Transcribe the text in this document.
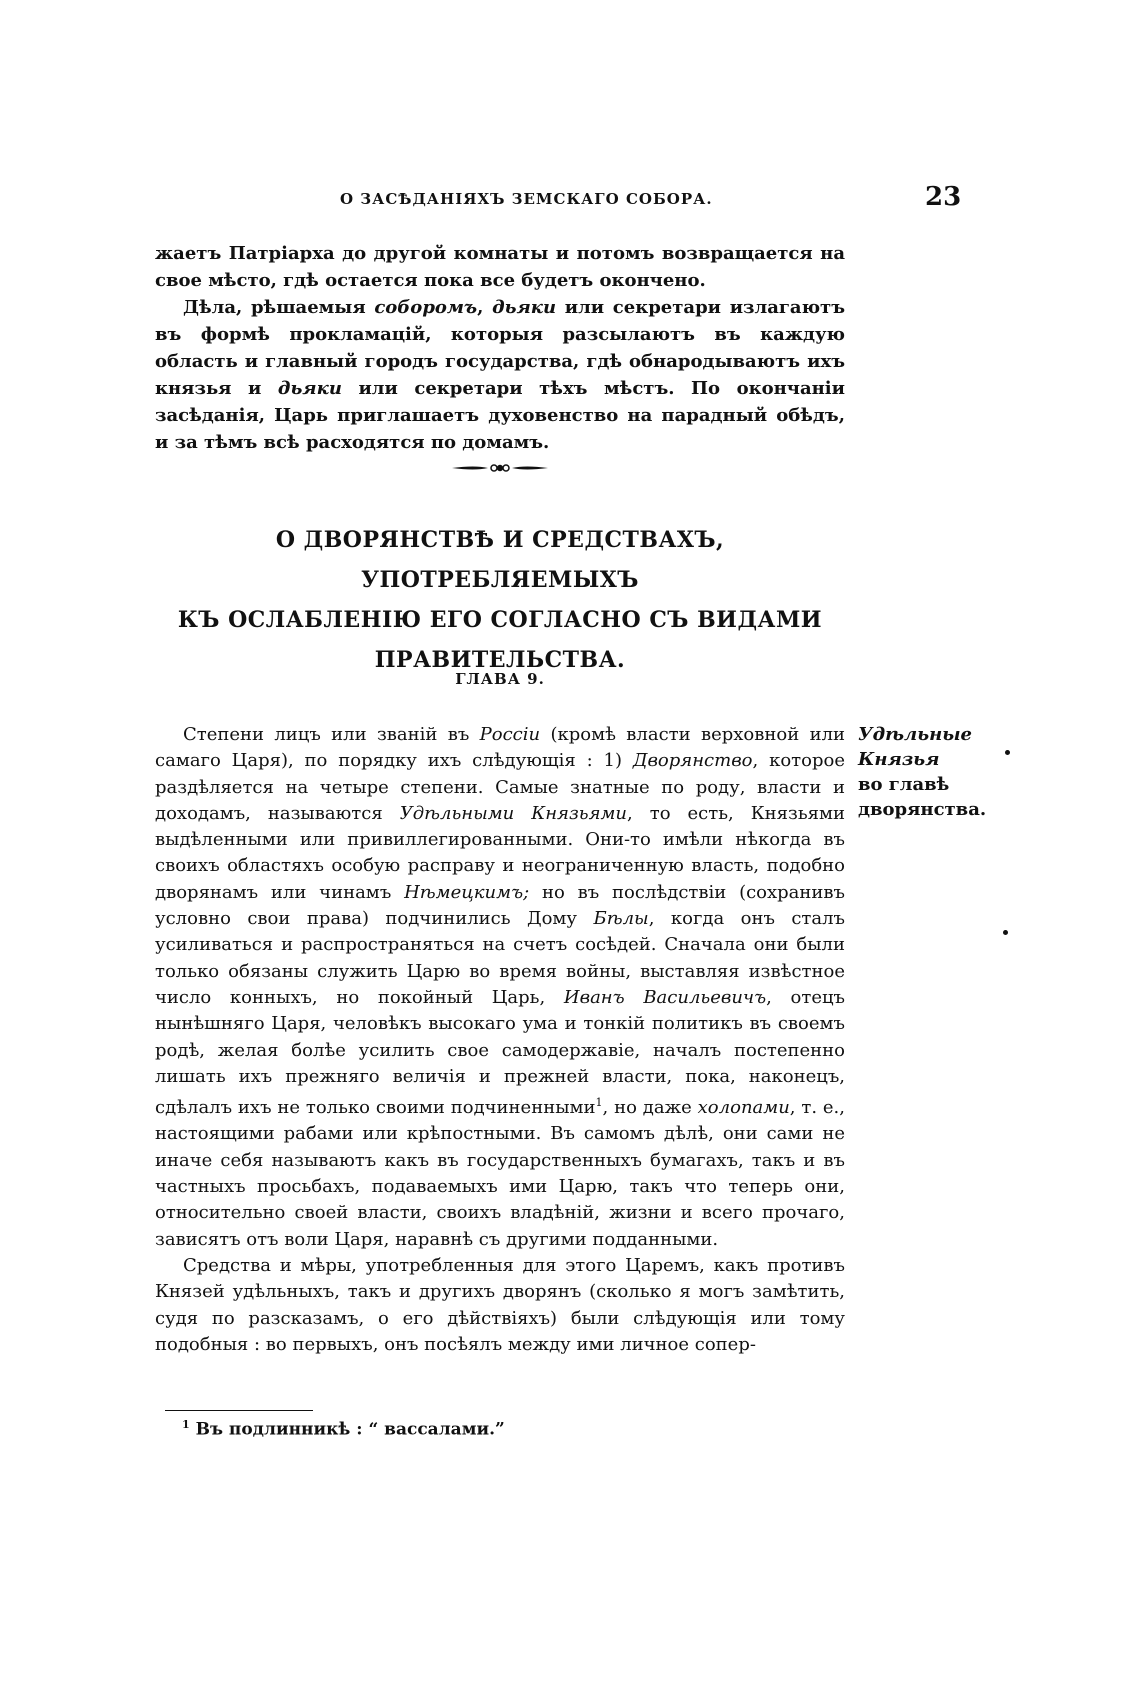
О ЗАСѢДАНІЯХЪ ЗЕМСКАГО СОБОРА.	23

жаетъ Патріарха до другой комнаты и потомъ возвращается на свое мѣсто, гдѣ остается пока все будетъ окончено.

Дѣла, рѣшаемыя соборомъ, дьяки или секретари излагаютъ въ формѣ прокламацій, которыя разсылаютъ въ каждую область и главный городъ государства, гдѣ обнародываютъ ихъ князья и дьяки или секретари тѣхъ мѣстъ. По окончаніи засѣданія, Царь приглашаетъ духовенство на парадный обѣдъ, и за тѣмъ всѣ расходятся по домамъ.

О ДВОРЯНСТВѢ И СРЕДСТВАХЪ, УПОТРЕБЛЯЕМЫХЪ
КЪ ОСЛАБЛЕНІЮ ЕГО СОГЛАСНО СЪ ВИДАМИ
ПРАВИТЕЛЬСТВА.
ГЛАВА 9.
Удѣльные Князья во главѣ дворянства.

Степени лицъ или званій въ Россіи (кромѣ власти верховной или самаго Царя), по порядку ихъ слѣдующія : 1) Дворянство, которое раздѣляется на четыре степени. Самые знатные по роду, власти и доходамъ, называются Удѣльными Князьями, то есть, Князьями выдѣленными или привиллегированными. Они-то имѣли нѣкогда въ своихъ областяхъ особую расправу и неограниченную власть, подобно дворянамъ или чинамъ Нѣмецкимъ; но въ послѣдствіи (сохранивъ условно свои права) подчинились Дому Бѣлы, когда онъ сталъ усиливаться и распространяться на счетъ сосѣдей. Сначала они были только обязаны служить Царю во время войны, выставляя извѣстное число конныхъ, но покойный Царь, Иванъ Васильевичъ, отецъ нынѣшняго Царя, человѣкъ высокаго ума и тонкій политикъ въ своемъ родѣ, желая болѣе усилить свое самодержавіе, началъ постепенно лишать ихъ прежняго величія и прежней власти, пока, наконецъ, сдѣлалъ ихъ не только своими подчиненными$^1$, но даже холопами, т. е., настоящими рабами или крѣпостными. Въ самомъ дѣлѣ, они сами не иначе себя называютъ какъ въ государственныхъ бумагахъ, такъ и въ частныхъ просьбахъ, подаваемыхъ ими Царю, такъ что теперь они, относительно своей власти, своихъ владѣній, жизни и всего прочаго, зависятъ отъ воли Царя, наравнѣ съ другими подданными.

Средства и мѣры, употребленныя для этого Царемъ, какъ противъ Князей удѣльныхъ, такъ и другихъ дворянъ (сколько я могъ замѣтить, судя по разсказамъ, о его дѣйствіяхъ) были слѣдующія или тому подобныя : во первыхъ, онъ посѣялъ между ими личное сопер-

$^1$ Въ подлинникѣ : “ вассалами.”
